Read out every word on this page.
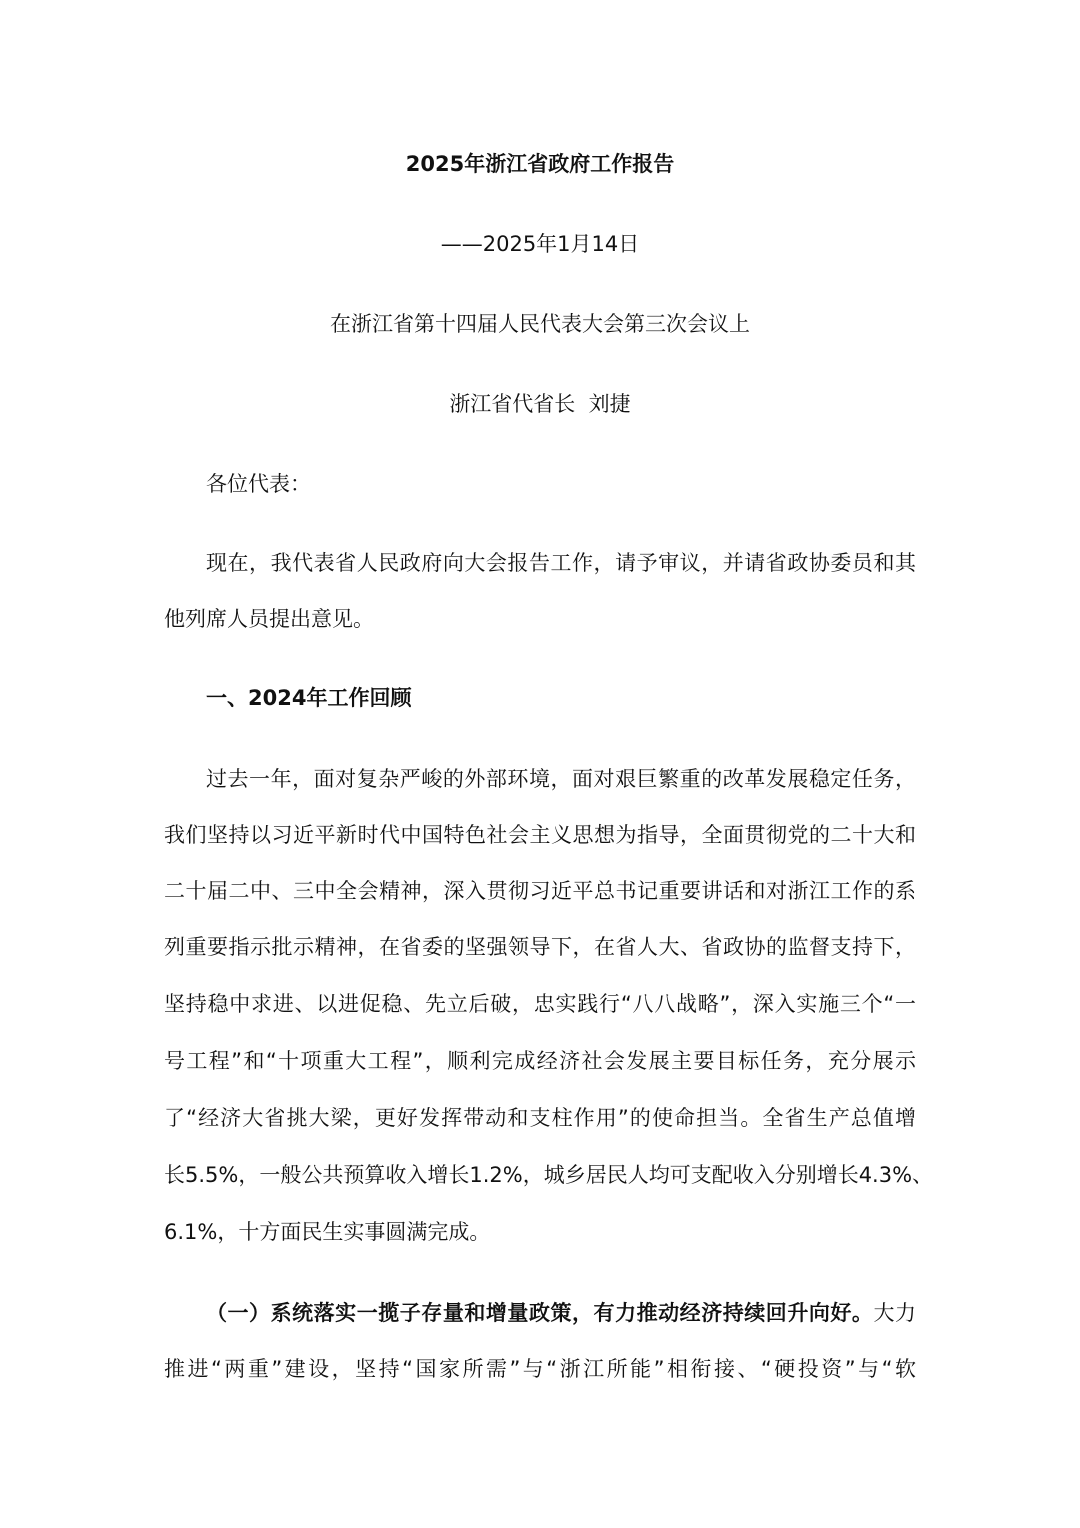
2025年浙江省政府工作报告
——2025年1月14日
在浙江省第十四届人民代表大会第三次会议上
浙江省代省长  刘捷
各位代表：
现在，我代表省人民政府向大会报告工作，请予审议，并请省政协委员和其
他列席人员提出意见。
一、2024年工作回顾
过去一年，面对复杂严峻的外部环境，面对艰巨繁重的改革发展稳定任务，
我们坚持以习近平新时代中国特色社会主义思想为指导，全面贯彻党的二十大和
二十届二中、三中全会精神，深入贯彻习近平总书记重要讲话和对浙江工作的系
列重要指示批示精神，在省委的坚强领导下，在省人大、省政协的监督支持下，
坚持稳中求进、以进促稳、先立后破，忠实践行“八八战略”，深入实施三个“一
号工程”和“十项重大工程”，顺利完成经济社会发展主要目标任务，充分展示
了“经济大省挑大梁，更好发挥带动和支柱作用”的使命担当。全省生产总值增
长5.5%，一般公共预算收入增长1.2%，城乡居民人均可支配收入分别增长4.3%、
6.1%，十方面民生实事圆满完成。
（一）系统落实一揽子存量和增量政策，有力推动经济持续回升向好。大力
推进“两重”建设，坚持“国家所需”与“浙江所能”相衔接、“硬投资”与“软
